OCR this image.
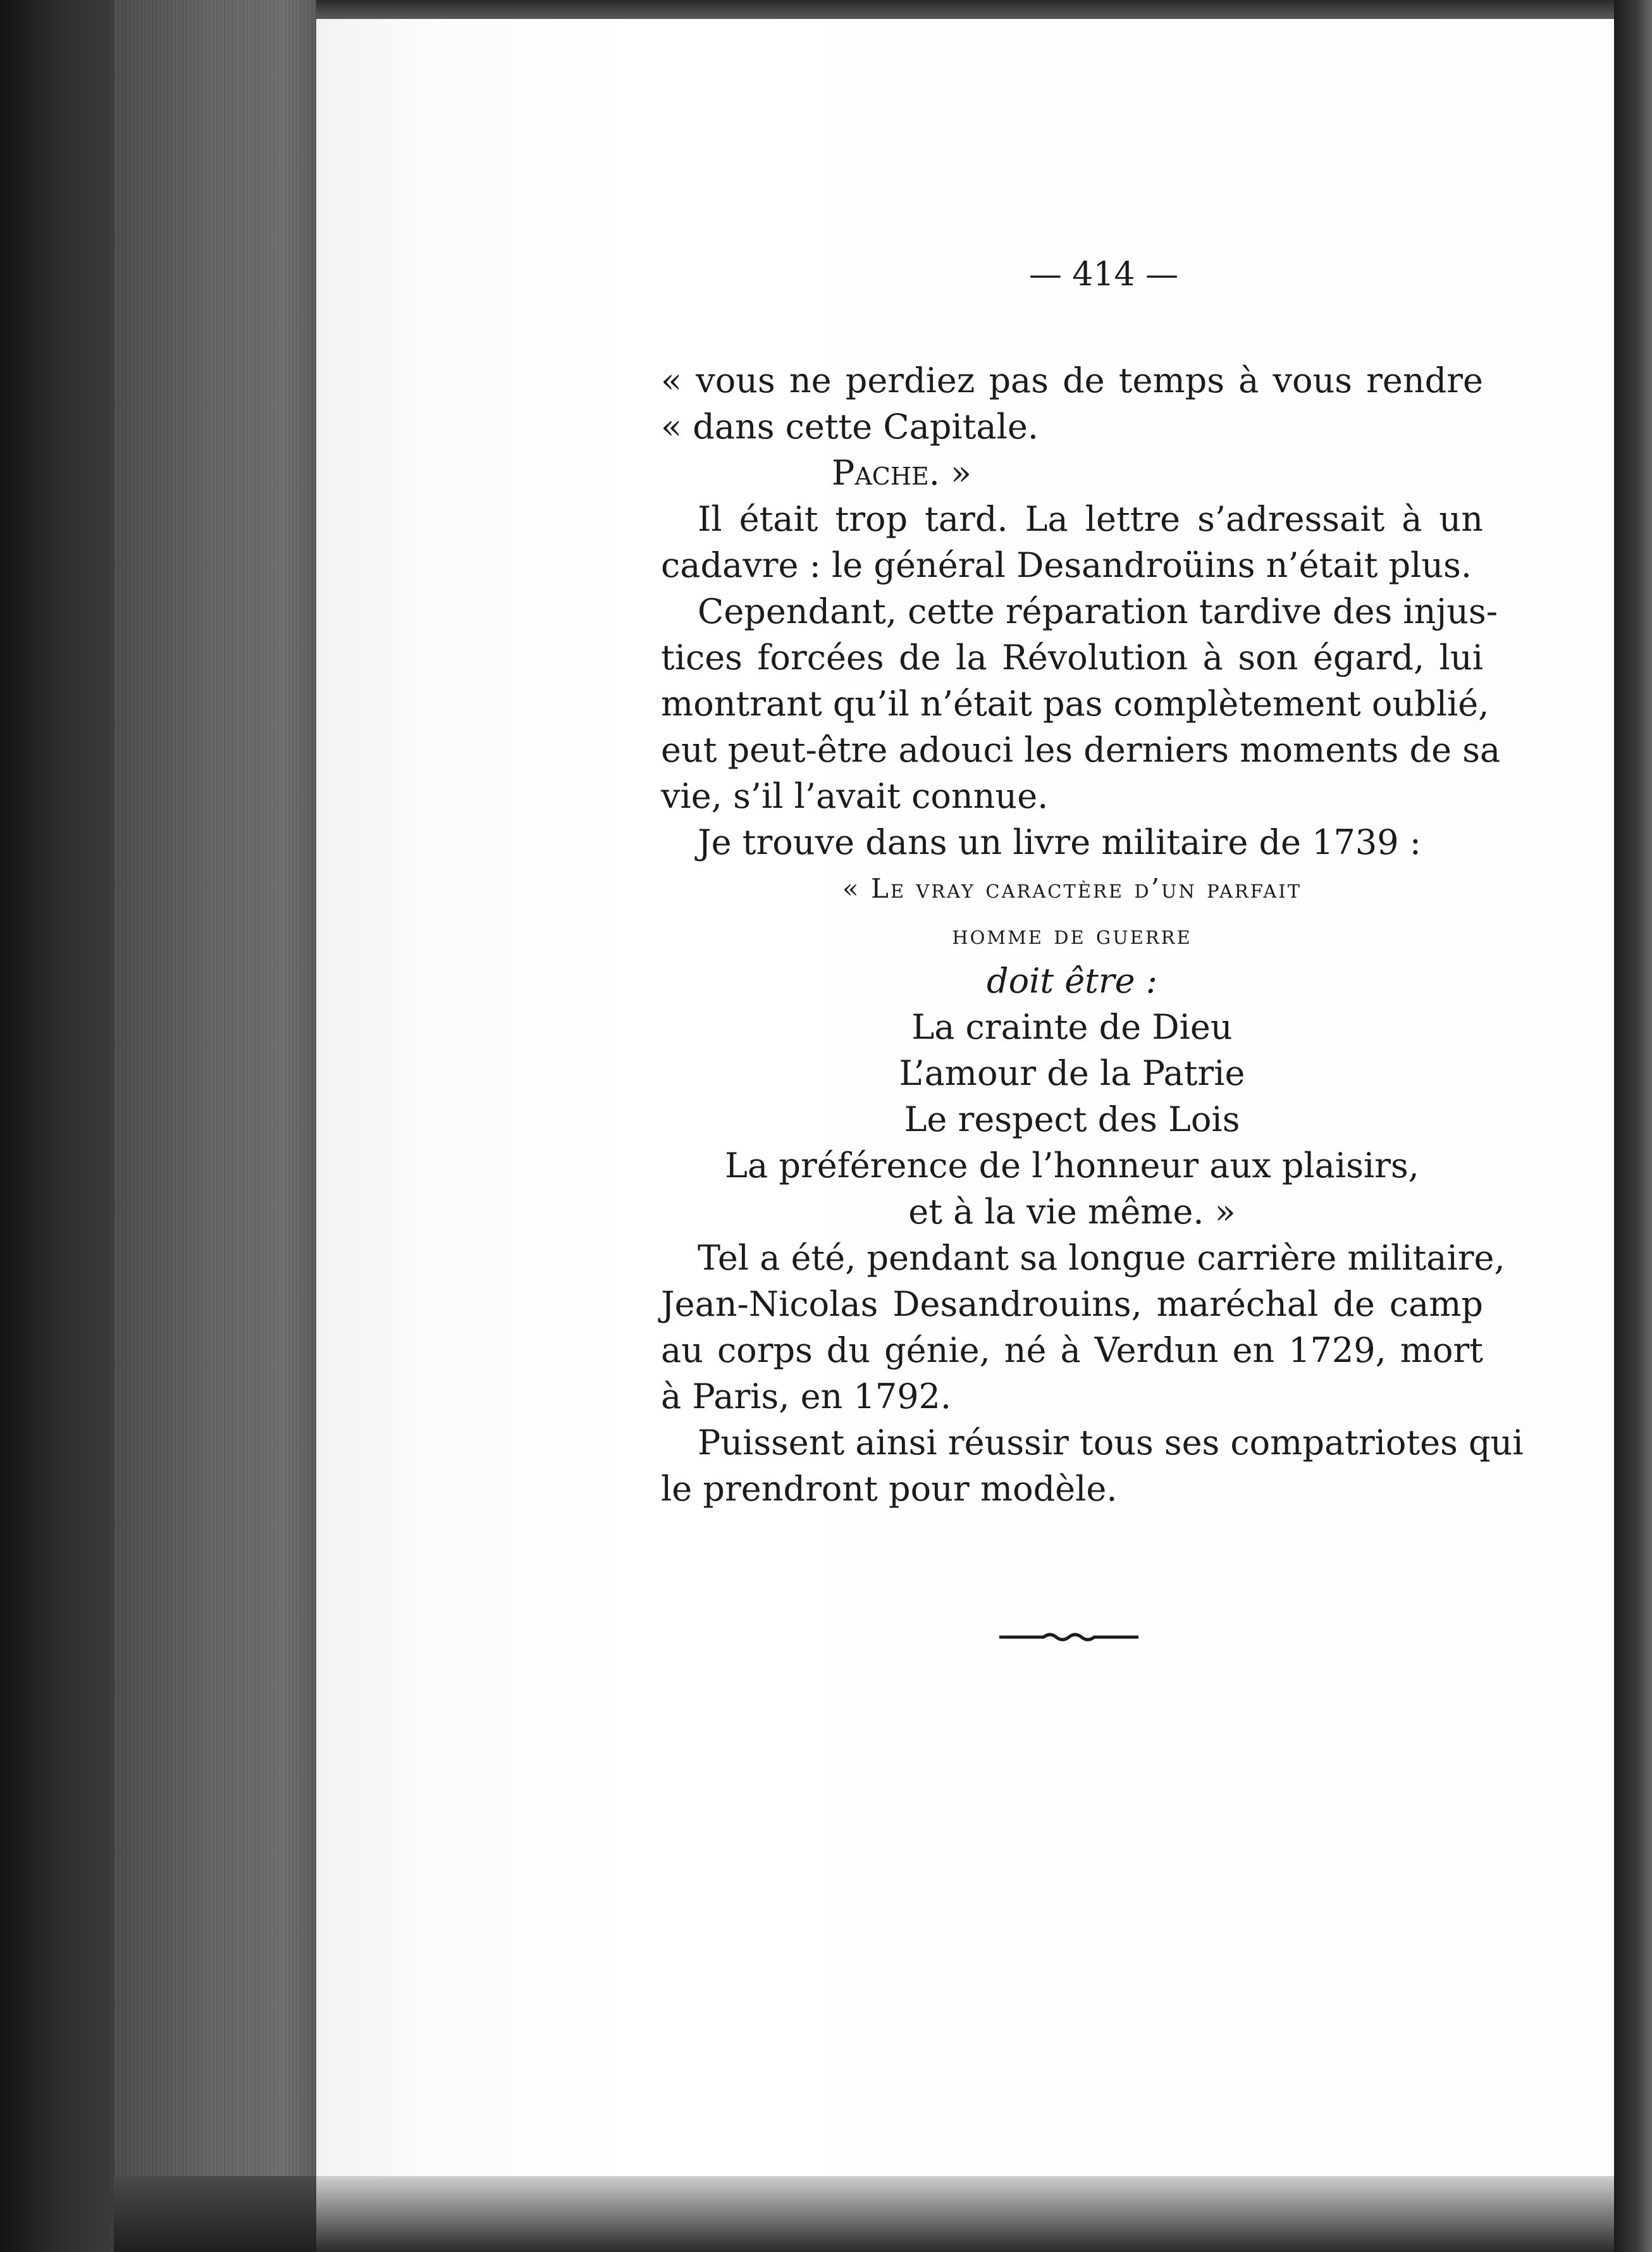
— 414 —
« vous ne perdiez pas de temps à vous rendre
« dans cette Capitale.
Pache. »
Il était trop tard. La lettre s’adressait à un
cadavre : le général Desandroüins n’était plus.
Cependant, cette réparation tardive des injus-
tices forcées de la Révolution à son égard, lui
montrant qu’il n’était pas complètement oublié,
eut peut-être adouci les derniers moments de sa
vie, s’il l’avait connue.
Je trouve dans un livre militaire de 1739 :
« Le vray caractère d’un parfait
homme de guerre
doit être :
La crainte de Dieu
L’amour de la Patrie
Le respect des Lois
La préférence de l’honneur aux plaisirs,
et à la vie même. »
Tel a été, pendant sa longue carrière militaire,
Jean-Nicolas Desandrouins, maréchal de camp
au corps du génie, né à Verdun en 1729, mort
à Paris, en 1792.
Puissent ainsi réussir tous ses compatriotes qui
le prendront pour modèle.
